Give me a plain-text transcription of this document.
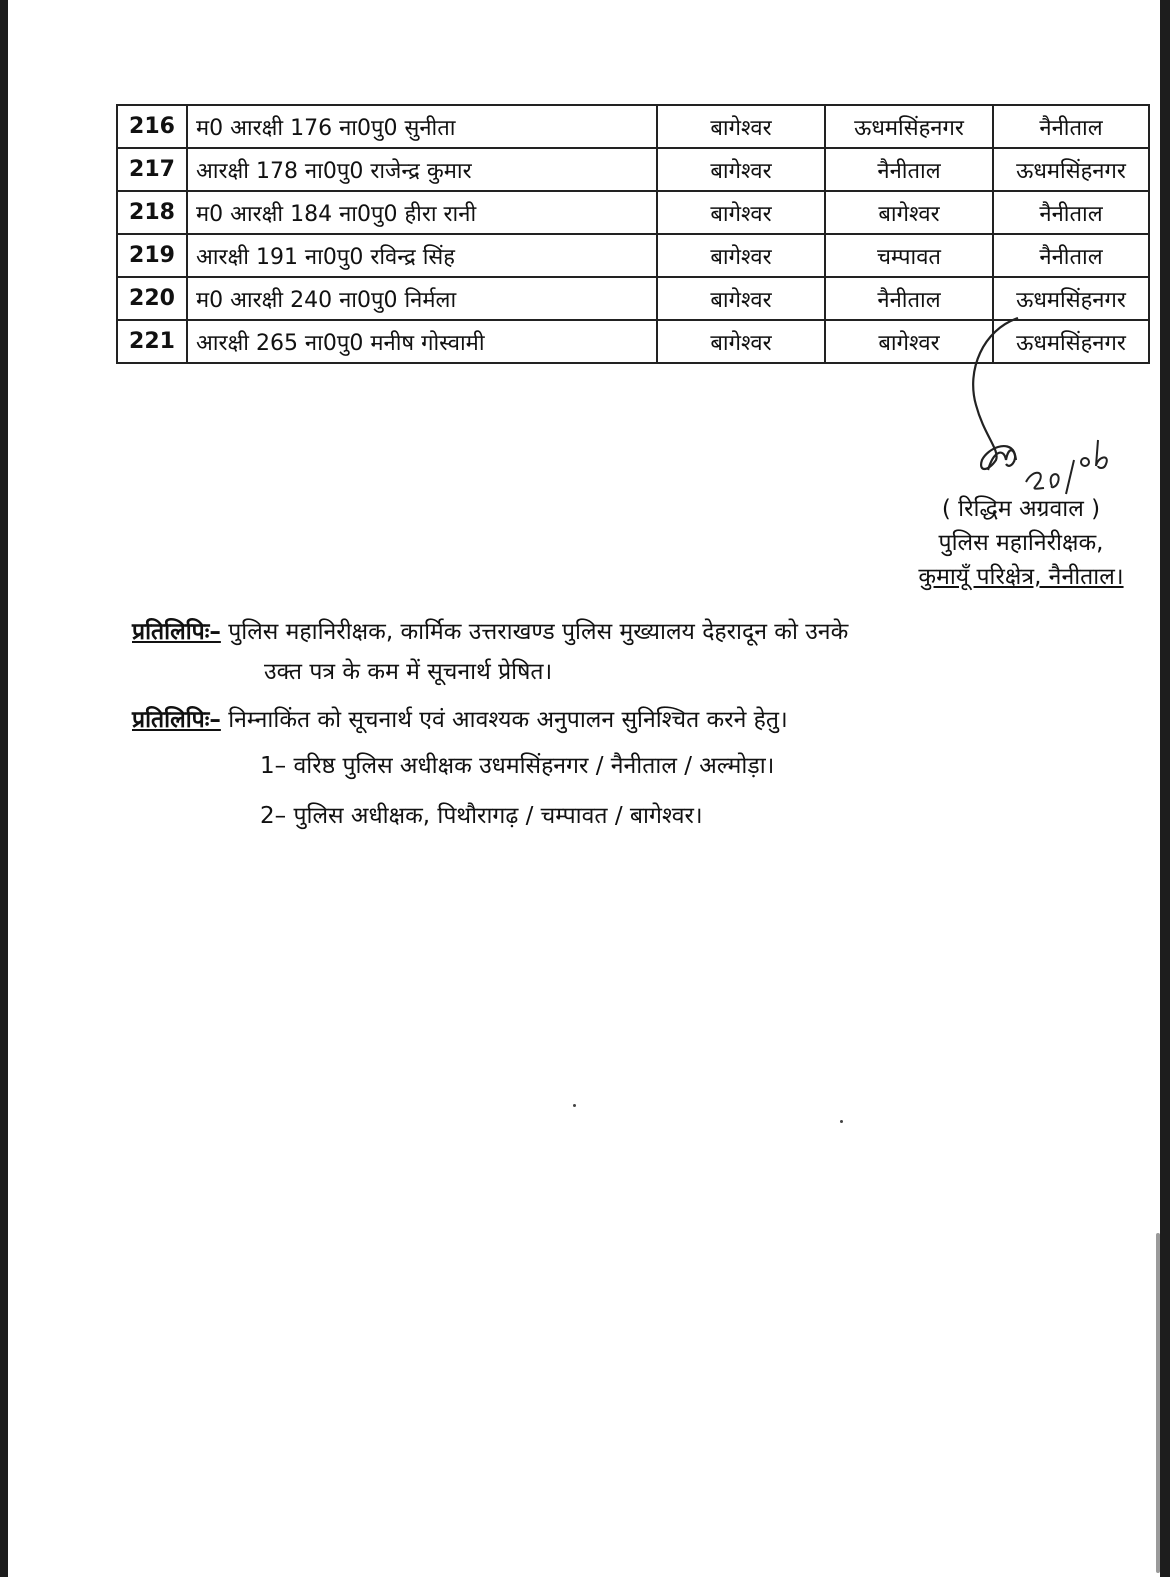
216	म0 आरक्षी 176 ना0पु0 सुनीता	बागेश्वर	ऊधमसिंहनगर	नैनीताल
217	आरक्षी 178 ना0पु0 राजेन्द्र कुमार	बागेश्वर	नैनीताल	ऊधमसिंहनगर
218	म0 आरक्षी 184 ना0पु0 हीरा रानी	बागेश्वर	बागेश्वर	नैनीताल
219	आरक्षी 191 ना0पु0 रविन्द्र सिंह	बागेश्वर	चम्पावत	नैनीताल
220	म0 आरक्षी 240 ना0पु0 निर्मला	बागेश्वर	नैनीताल	ऊधमसिंहनगर
221	आरक्षी 265 ना0पु0 मनीष गोस्वामी	बागेश्वर	बागेश्वर	ऊधमसिंहनगर
( रिद्धिम अग्रवाल )
पुलिस महानिरीक्षक,
कुमायूँ परिक्षेत्र, नैनीताल।
प्रतिलिपिः– पुलिस महानिरीक्षक, कार्मिक उत्तराखण्ड पुलिस मुख्यालय देहरादून को उनके
उक्त पत्र के कम में सूचनार्थ प्रेषित।
प्रतिलिपिः– निम्नाकिंत को सूचनार्थ एवं आवश्यक अनुपालन सुनिश्चित करने हेतु।
1– वरिष्ठ पुलिस अधीक्षक उधमसिंहनगर / नैनीताल / अल्मोड़ा।
2– पुलिस अधीक्षक, पिथौरागढ़ / चम्पावत / बागेश्वर।
